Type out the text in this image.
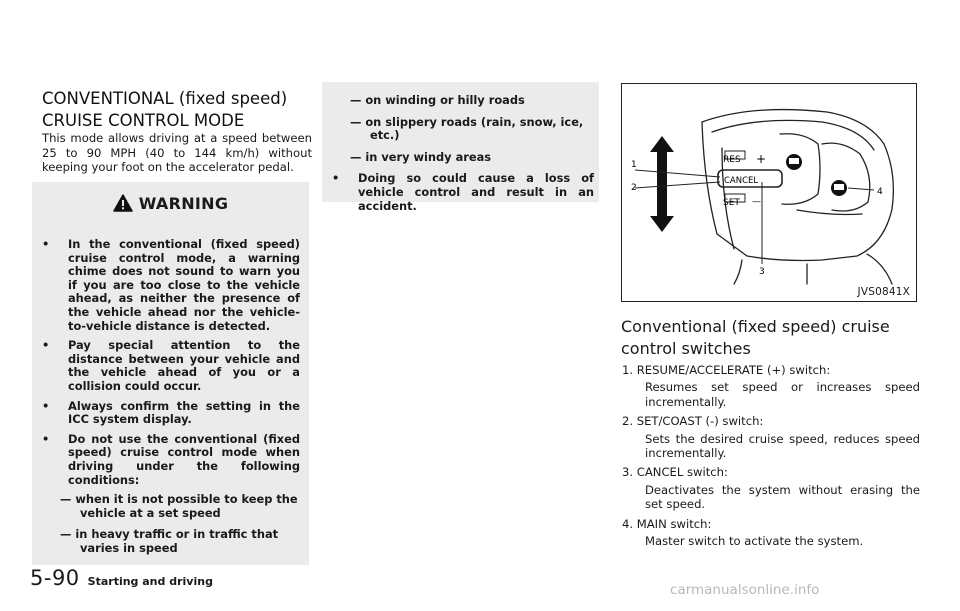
CONVENTIONAL (fixed speed)
CRUISE CONTROL MODE
This mode allows driving at a speed between 25 to 90 MPH (40 to 144 km/h) without keeping your foot on the accelerator pedal.
WARNING
• In the conventional (fixed speed) cruise control mode, a warning chime does not sound to warn you if you are too close to the vehicle ahead, as neither the presence of the vehicle ahead nor the vehicle-to-vehicle distance is detected.
• Pay special attention to the distance between your vehicle and the vehicle ahead of you or a collision could occur.
• Always confirm the setting in the ICC system display.
• Do not use the conventional (fixed speed) cruise control mode when driving under the following conditions:
— when it is not possible to keep the vehicle at a set speed
— in heavy traffic or in traffic that varies in speed
— on winding or hilly roads
— on slippery roads (rain, snow, ice, etc.)
— in very windy areas
• Doing so could cause a loss of vehicle control and result in an accident.
RES +
CANCEL
SET —
1
2
3
4
JVS0841X
Conventional (fixed speed) cruise
control switches
1. RESUME/ACCELERATE (+) switch:
Resumes set speed or increases speed incrementally.
2. SET/COAST (-) switch:
Sets the desired cruise speed, reduces speed incrementally.
3. CANCEL switch:
Deactivates the system without erasing the set speed.
4. MAIN switch:
Master switch to activate the system.
5-90 Starting and driving
carmanualsonline.info
